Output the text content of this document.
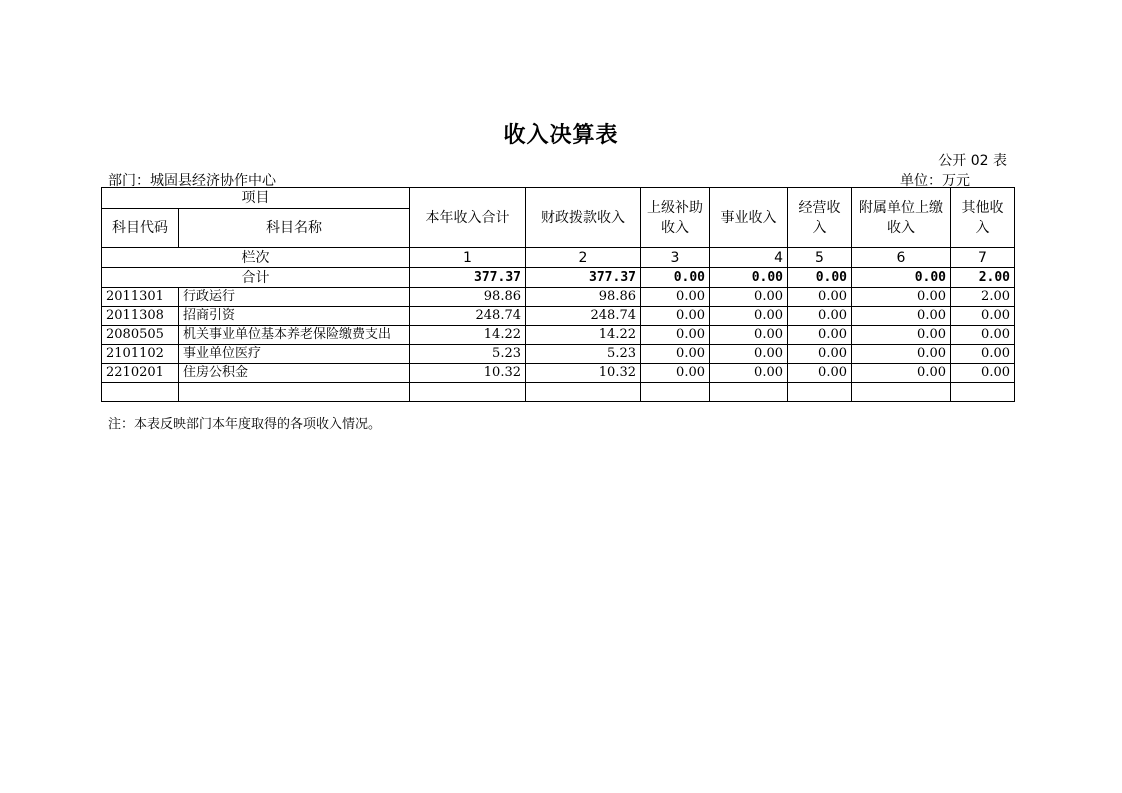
收入决算表
公开 02 表
部门：城固县经济协作中心	单位：万元
项目		本年收入合计	财政拨款收入	上级补助收入	事业收入	经营收入	附属单位上缴收入	其他收入
科目代码	科目名称							
栏次		1	2	3	4	5	6	7
合计		377.37	377.37	0.00	0.00	0.00	0.00	2.00
2011301	行政运行	98.86	98.86	0.00	0.00	0.00	0.00	2.00
2011308	招商引资	248.74	248.74	0.00	0.00	0.00	0.00	0.00
2080505	机关事业单位基本养老保险缴费支出	14.22	14.22	0.00	0.00	0.00	0.00	0.00
2101102	事业单位医疗	5.23	5.23	0.00	0.00	0.00	0.00	0.00
2210201	住房公积金	10.32	10.32	0.00	0.00	0.00	0.00	0.00

注：本表反映部门本年度取得的各项收入情况。
